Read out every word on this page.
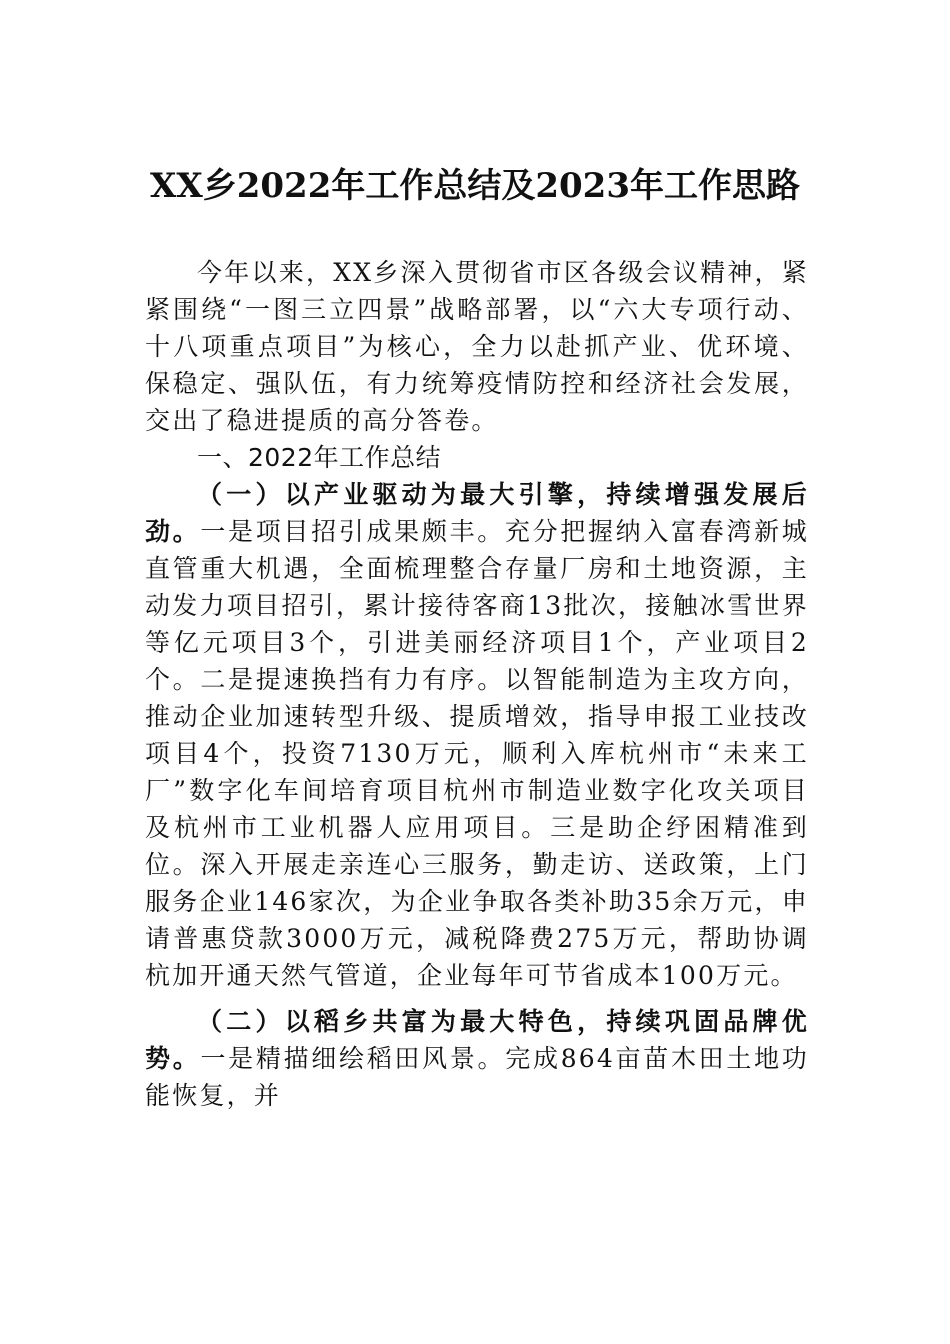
XX乡2022年工作总结及2023年工作思路

今年以来，XX乡深入贯彻省市区各级会议精神，紧紧围绕“一图三立四景”战略部署，以“六大专项行动、十八项重点项目”为核心，全力以赴抓产业、优环境、保稳定、强队伍，有力统筹疫情防控和经济社会发展，交出了稳进提质的高分答卷。

一、2022年工作总结

（一）以产业驱动为最大引擎，持续增强发展后劲。一是项目招引成果颇丰。充分把握纳入富春湾新城直管重大机遇，全面梳理整合存量厂房和土地资源，主动发力项目招引，累计接待客商13批次，接触冰雪世界等亿元项目3个，引进美丽经济项目1个，产业项目2个。二是提速换挡有力有序。以智能制造为主攻方向，推动企业加速转型升级、提质增效，指导申报工业技改项目4个，投资7130万元，顺利入库杭州市“未来工厂”数字化车间培育项目杭州市制造业数字化攻关项目及杭州市工业机器人应用项目。三是助企纾困精准到位。深入开展走亲连心三服务，勤走访、送政策，上门服务企业146家次，为企业争取各类补助35余万元，申请普惠贷款3000万元，减税降费275万元，帮助协调杭加开通天然气管道，企业每年可节省成本100万元。

（二）以稻乡共富为最大特色，持续巩固品牌优势。一是精描细绘稻田风景。完成864亩苗木田土地功能恢复，并
